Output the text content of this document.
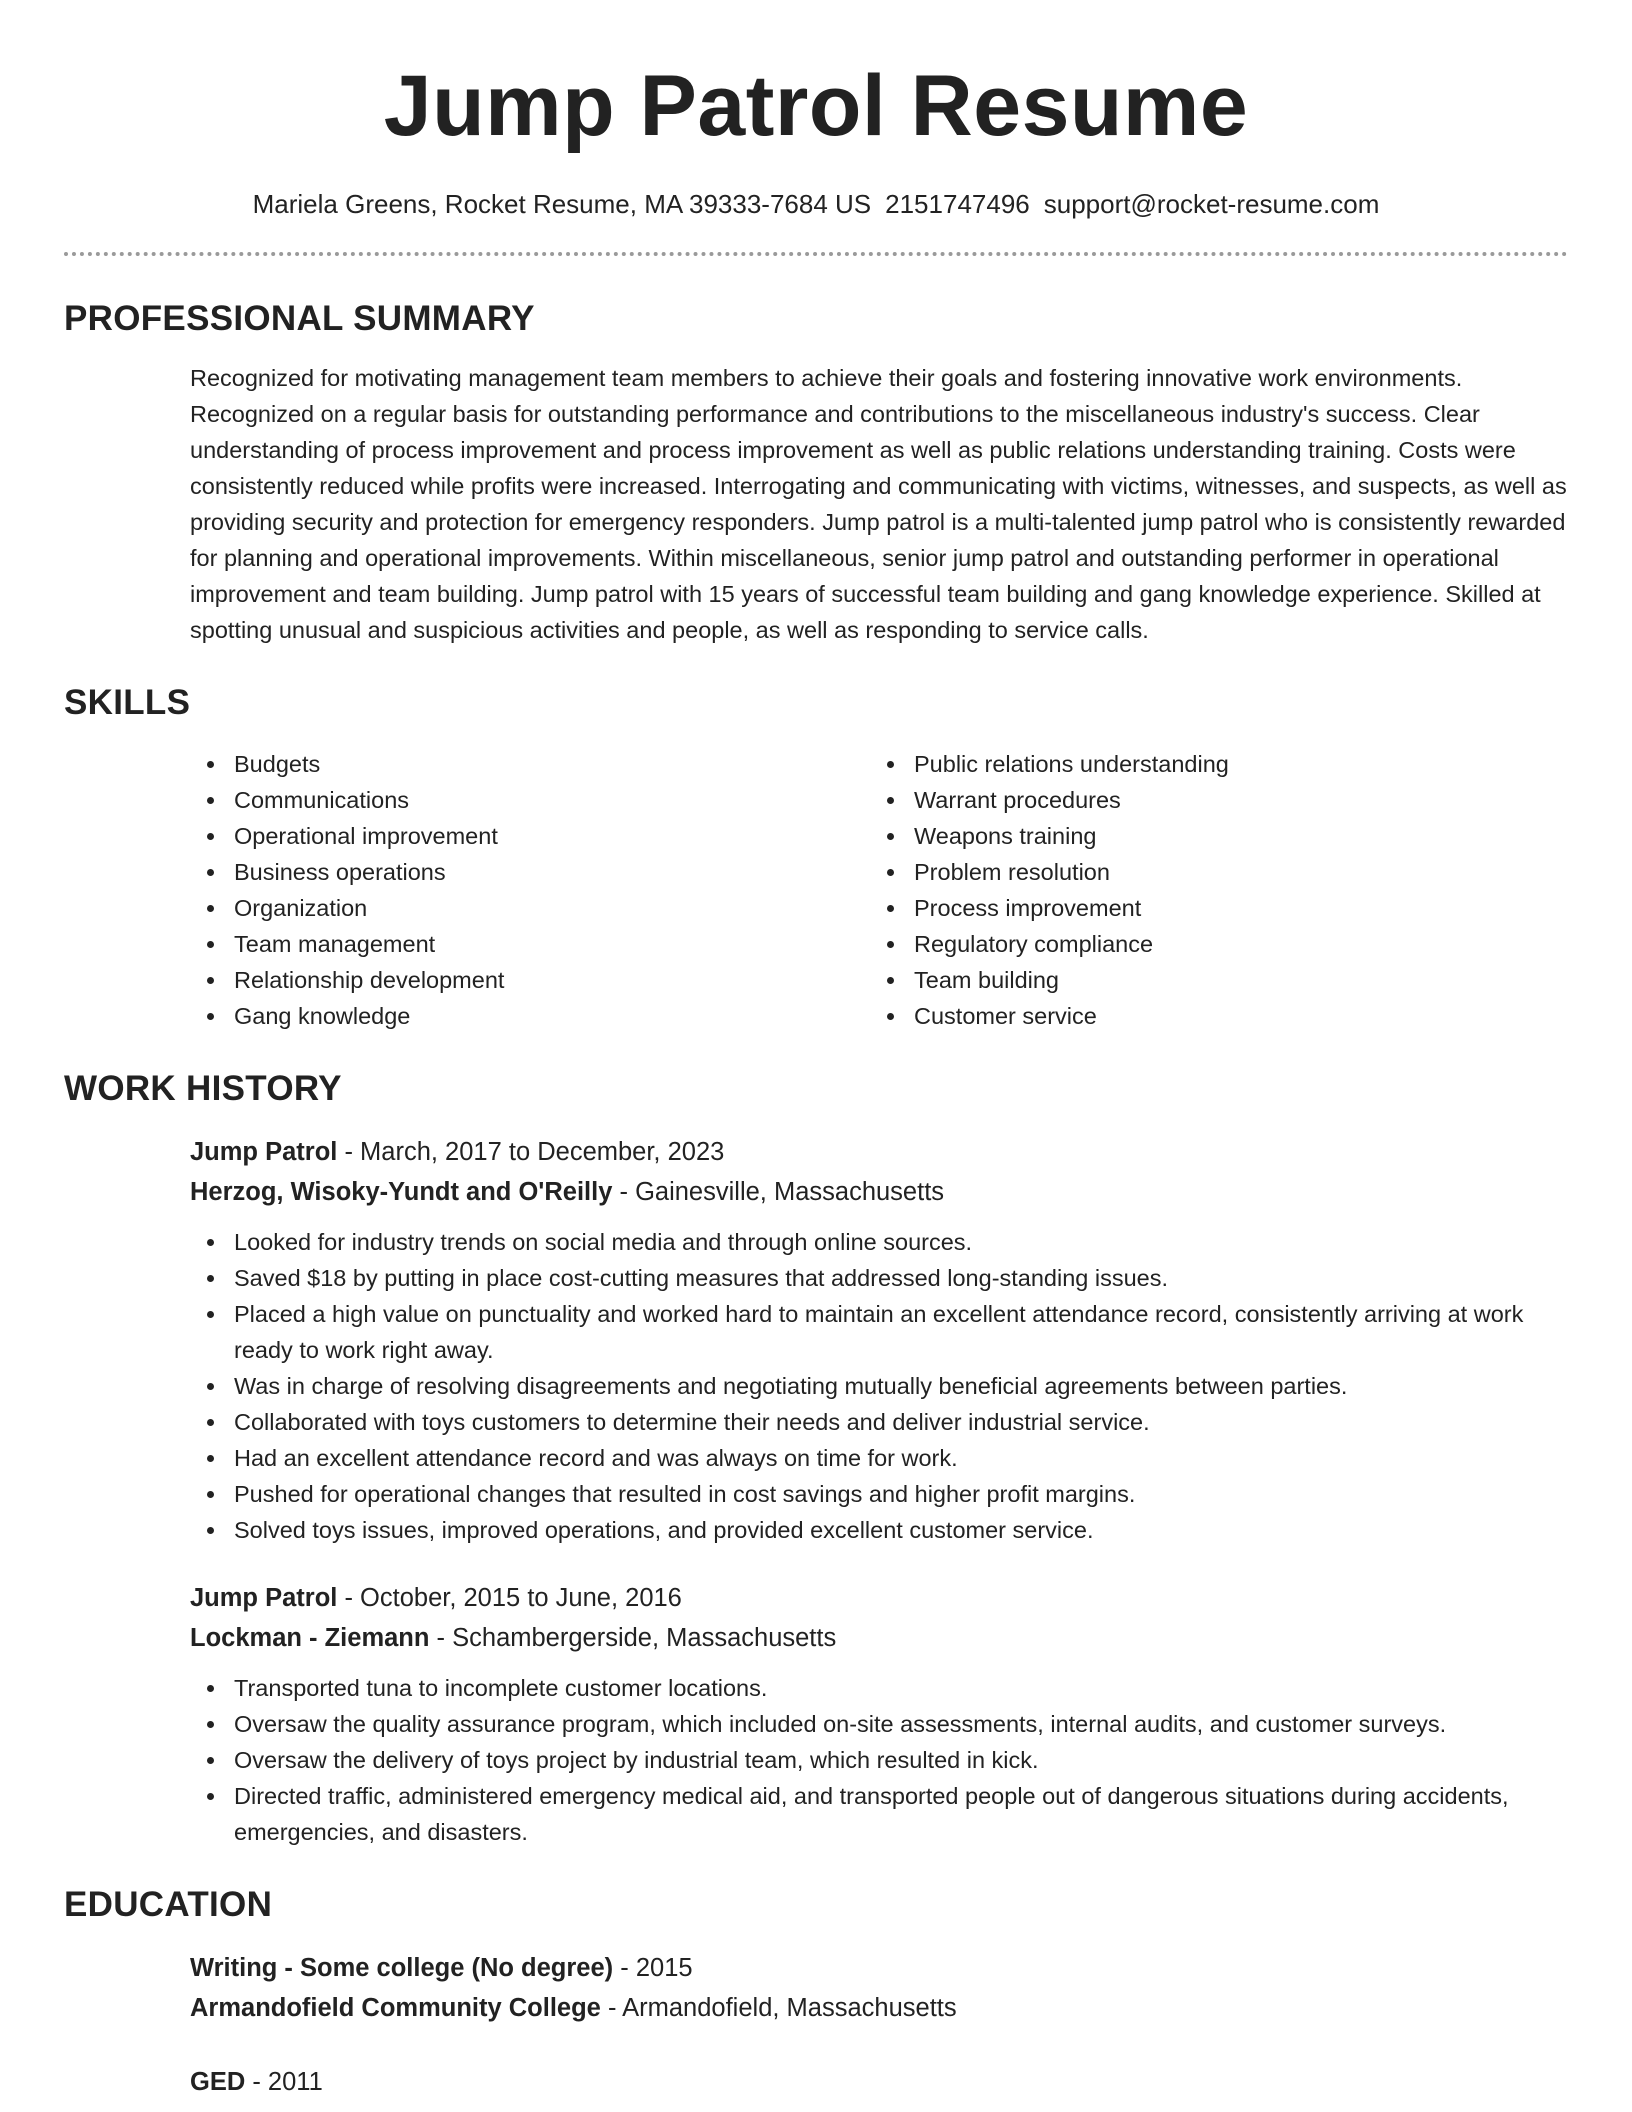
Jump Patrol Resume
Mariela Greens, Rocket Resume, MA 39333-7684 US 2151747496 support@rocket-resume.com
PROFESSIONAL SUMMARY

Recognized for motivating management team members to achieve their goals and fostering innovative work environments. Recognized on a regular basis for outstanding performance and contributions to the miscellaneous industry's success. Clear understanding of process improvement and process improvement as well as public relations understanding training. Costs were consistently reduced while profits were increased. Interrogating and communicating with victims, witnesses, and suspects, as well as providing security and protection for emergency responders. Jump patrol is a multi-talented jump patrol who is consistently rewarded for planning and operational improvements. Within miscellaneous, senior jump patrol and outstanding performer in operational improvement and team building. Jump patrol with 15 years of successful team building and gang knowledge experience. Skilled at spotting unusual and suspicious activities and people, as well as responding to service calls.

SKILLS
Budgets
Communications
Operational improvement
Business operations
Organization
Team management
Relationship development
Gang knowledge
Public relations understanding
Warrant procedures
Weapons training
Problem resolution
Process improvement
Regulatory compliance
Team building
Customer service
WORK HISTORY
Jump Patrol - March, 2017 to December, 2023
Herzog, Wisoky-Yundt and O'Reilly - Gainesville, Massachusetts
Looked for industry trends on social media and through online sources.
Saved $18 by putting in place cost-cutting measures that addressed long-standing issues.
Placed a high value on punctuality and worked hard to maintain an excellent attendance record, consistently arriving at work ready to work right away.
Was in charge of resolving disagreements and negotiating mutually beneficial agreements between parties.
Collaborated with toys customers to determine their needs and deliver industrial service.
Had an excellent attendance record and was always on time for work.
Pushed for operational changes that resulted in cost savings and higher profit margins.
Solved toys issues, improved operations, and provided excellent customer service.
Jump Patrol - October, 2015 to June, 2016
Lockman - Ziemann - Schambergerside, Massachusetts
Transported tuna to incomplete customer locations.
Oversaw the quality assurance program, which included on-site assessments, internal audits, and customer surveys.
Oversaw the delivery of toys project by industrial team, which resulted in kick.
Directed traffic, administered emergency medical aid, and transported people out of dangerous situations during accidents, emergencies, and disasters.
EDUCATION
Writing - Some college (No degree) - 2015
Armandofield Community College - Armandofield, Massachusetts
GED - 2011
